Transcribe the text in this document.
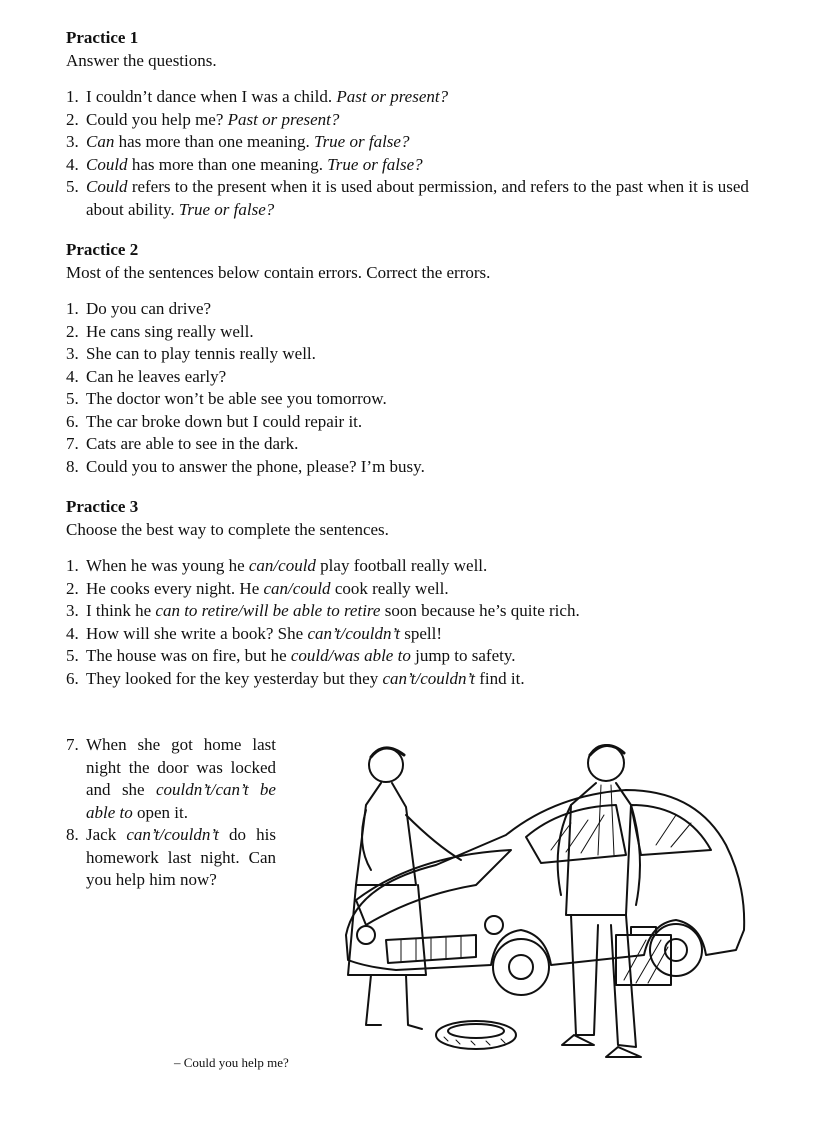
Practice 1
Answer the questions.
1. I couldn’t dance when I was a child. Past or present?
2. Could you help me? Past or present?
3. Can has more than one meaning. True or false?
4. Could has more than one meaning. True or false?
5. Could refers to the present when it is used about permission, and refers to the past when it is used about ability. True or false?
Practice 2
Most of the sentences below contain errors. Correct the errors.
1. Do you can drive?
2. He cans sing really well.
3. She can to play tennis really well.
4. Can he leaves early?
5. The doctor won’t be able see you tomorrow.
6. The car broke down but I could repair it.
7. Cats are able to see in the dark.
8. Could you to answer the phone, please? I’m busy.
Practice 3
Choose the best way to complete the sentences.
1. When he was young he can/could play football really well.
2. He cooks every night. He can/could cook really well.
3. I think he can to retire/will be able to retire soon because he’s quite rich.
4. How will she write a book? She can’t/couldn’t spell!
5. The house was on fire, but he could/was able to jump to safety.
6. They looked for the key yesterday but they can’t/couldn’t find it.
7. When she got home last night the door was locked and she couldn’t/can’t be able to open it.
8. Jack can’t/couldn’t do his homework last night. Can you help him now?
– Could you help me?
